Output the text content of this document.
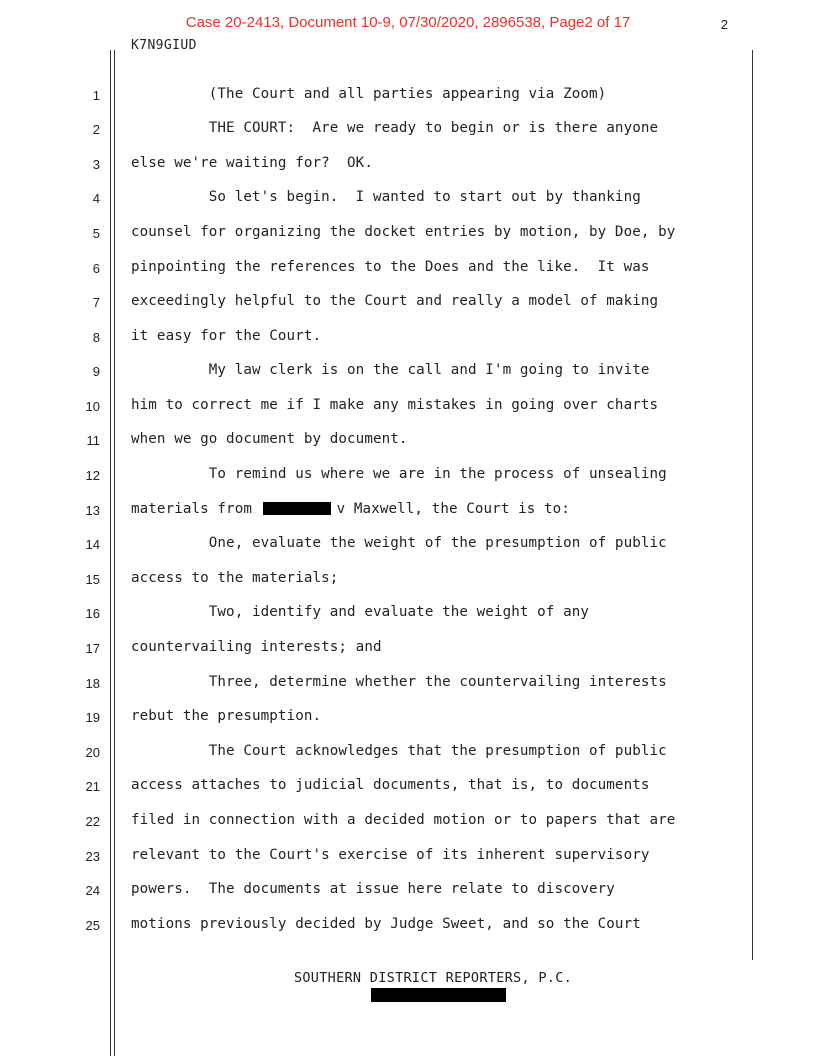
Case 20-2413, Document 10-9, 07/30/2020, 2896538, Page2 of 17	2
K7N9GIUD
1
2
3
4
5
6
7
8
9
10
11
12
13
14
15
16
17
18
19
20
21
22
23
24
25
(The Court and all parties appearing via Zoom)
THE COURT:  Are we ready to begin or is there anyone
else we're waiting for?  OK.
So let's begin.  I wanted to start out by thanking
counsel for organizing the docket entries by motion, by Doe, by
pinpointing the references to the Does and the like.  It was
exceedingly helpful to the Court and really a model of making
it easy for the Court.
My law clerk is on the call and I'm going to invite
him to correct me if I make any mistakes in going over charts
when we go document by document.
To remind us where we are in the process of unsealing
materials from	v Maxwell, the Court is to:
One, evaluate the weight of the presumption of public
access to the materials;
Two, identify and evaluate the weight of any
countervailing interests; and
Three, determine whether the countervailing interests
rebut the presumption.
The Court acknowledges that the presumption of public
access attaches to judicial documents, that is, to documents
filed in connection with a decided motion or to papers that are
relevant to the Court's exercise of its inherent supervisory
powers.  The documents at issue here relate to discovery
motions previously decided by Judge Sweet, and so the Court
SOUTHERN DISTRICT REPORTERS, P.C.
